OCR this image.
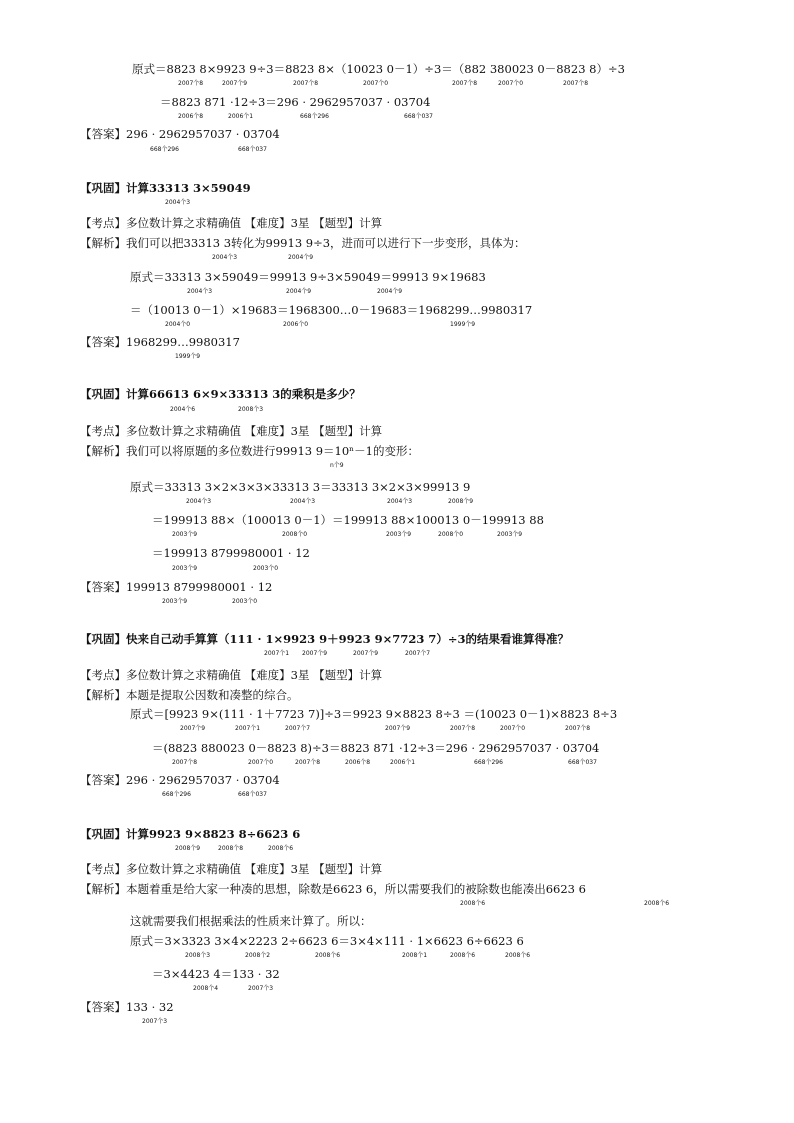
原式＝8823 8×9923 9÷3＝8823 8×（10023 0－1）÷3＝（882 380023 0－8823 8）÷3
＝8823 871 ·12÷3＝296 · 2962957037 · 03704
【答案】296 · 2962957037 · 03704
【巩固】计算33313 3×59049
【考点】多位数计算之求精确值 【难度】3星 【题型】计算
【解析】我们可以把33313 3转化为99913 9÷3，进而可以进行下一步变形，具体为：
原式＝33313 3×59049＝99913 9÷3×59049＝99913 9×19683
＝（10013 0－1）×19683＝1968300…0－19683＝1968299…9980317
【答案】1968299…9980317
【巩固】计算66613 6×9×33313 3的乘积是多少？
【考点】多位数计算之求精确值 【难度】3星 【题型】计算
【解析】我们可以将原题的多位数进行99913 9＝10ⁿ－1的变形：
原式＝33313 3×2×3×3×33313 3＝33313 3×2×3×99913 9
＝199913 88×（100013 0－1）＝199913 88×100013 0－199913 88
＝199913 8799980001 · 12
【答案】199913 8799980001 · 12
【巩固】快来自己动手算算（111 · 1×9923 9＋9923 9×7723 7）÷3的结果看谁算得准？
【考点】多位数计算之求精确值 【难度】3星 【题型】计算
【解析】本题是提取公因数和凑整的综合。
原式＝[9923 9×(111 · 1＋7723 7)]÷3＝9923 9×8823 8÷3 ＝(10023 0－1)×8823 8÷3
＝(8823 880023 0－8823 8)÷3＝8823 871 ·12÷3＝296 · 2962957037 · 03704
【答案】296 · 2962957037 · 03704
【巩固】计算9923 9×8823 8÷6623 6
【考点】多位数计算之求精确值 【难度】3星 【题型】计算
【解析】本题着重是给大家一种凑的思想，除数是6623 6，所以需要我们的被除数也能凑出6623 6
这就需要我们根据乘法的性质来计算了。所以：
原式＝3×3323 3×4×2223 2÷6623 6＝3×4×111 · 1×6623 6÷6623 6
＝3×4423 4＝133 · 32
【答案】133 · 32
2007个8	2007个9	2007个8	2007个0	2007个8	2007个0	2007个8
2006个8	2006个1	668个296	668个037
668个296	668个037
2004个3
2004个3	2004个9
2004个3	2004个9	2004个9
2004个0	2006个0	1999个9
1999个9
2004个6	2008个3
n个9
2004个3	2004个3	2004个3	2008个9
2003个9	2008个0	2003个9	2008个0	2003个9
2003个9	2003个0
2003个9	2003个0
2007个1 2007个9	2007个9	2007个7
2007个9	2007个1	2007个7	2007个9	2007个8	2007个0	2007个8
2007个8	2007个0	2007个8	2006个8	2006个1	668个296	668个037
668个296	668个037
2008个9	2008个8	2008个6
2008个6	2008个6
2008个3	2008个2	2008个6	2008个1	2008个6	2008个6
2008个4	2007个3
2007个3
